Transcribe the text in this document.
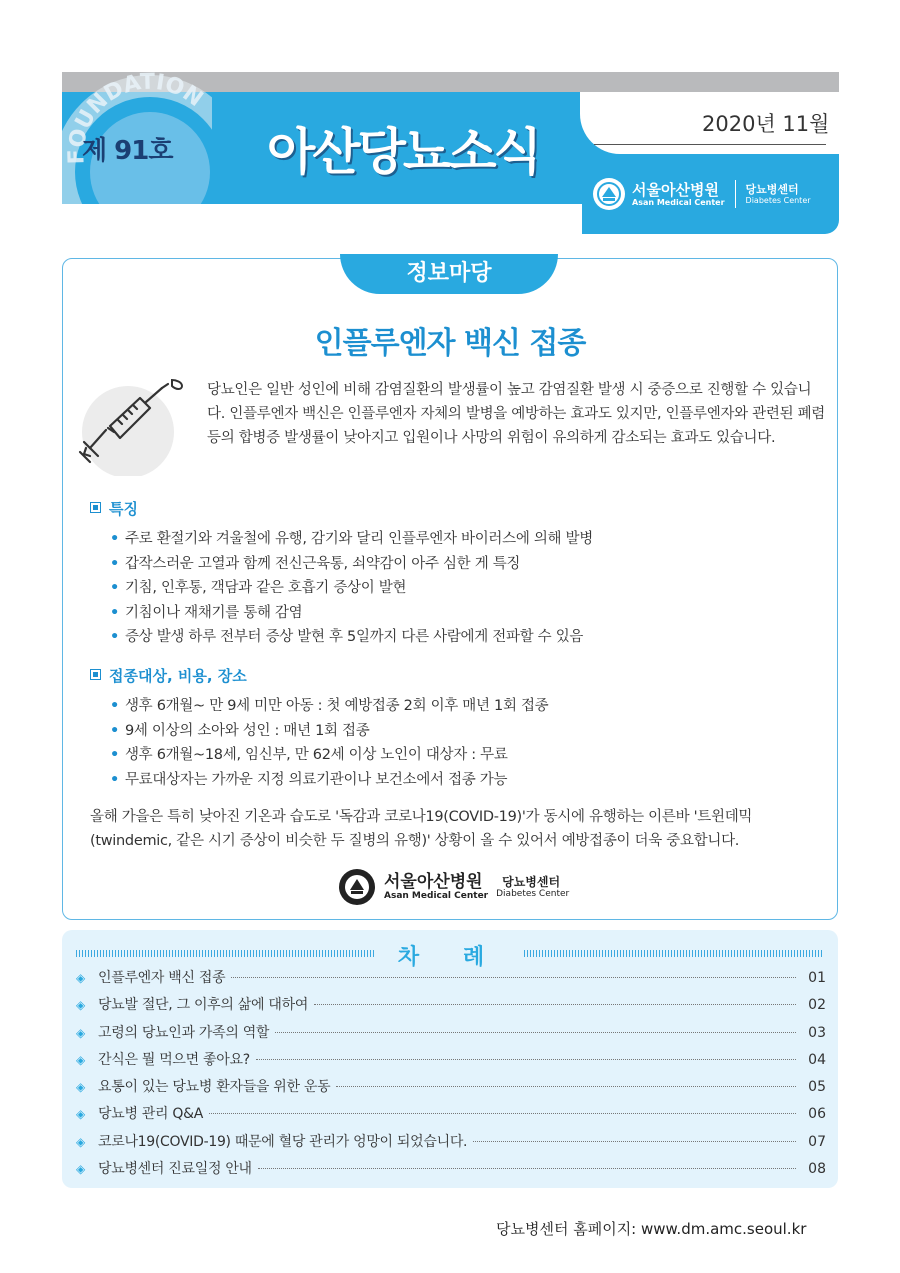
FOUNDATION
제 91호 아산당뇨소식	2020년 11월
서울아산병원
Asan Medical Center
당뇨병센터
Diabetes Center
정보마당
인플루엔자 백신 접종
당뇨인은 일반 성인에 비해 감염질환의 발생률이 높고 감염질환 발생 시 중증으로 진행할 수 있습니다. 인플루엔자 백신은 인플루엔자 자체의 발병을 예방하는 효과도 있지만, 인플루엔자와 관련된 폐렴 등의 합병증 발생률이 낮아지고 입원이나 사망의 위험이 유의하게 감소되는 효과도 있습니다.
특징
• 주로 환절기와 겨울철에 유행, 감기와 달리 인플루엔자 바이러스에 의해 발병
• 갑작스러운 고열과 함께 전신근육통, 쇠약감이 아주 심한 게 특징
• 기침, 인후통, 객담과 같은 호흡기 증상이 발현
• 기침이나 재채기를 통해 감염
• 증상 발생 하루 전부터 증상 발현 후 5일까지 다른 사람에게 전파할 수 있음
접종대상, 비용, 장소
• 생후 6개월~ 만 9세 미만 아동 : 첫 예방접종 2회 이후 매년 1회 접종
• 9세 이상의 소아와 성인 : 매년 1회 접종
• 생후 6개월~18세, 임신부, 만 62세 이상 노인이 대상자 : 무료
• 무료대상자는 가까운 지정 의료기관이나 보건소에서 접종 가능
올해 가을은 특히 낮아진 기온과 습도로 '독감과 코로나19(COVID-19)'가 동시에 유행하는 이른바 '트윈데믹(twindemic, 같은 시기 증상이 비슷한 두 질병의 유행)' 상황이 올 수 있어서 예방접종이 더욱 중요합니다.
서울아산병원
Asan Medical Center
당뇨병센터
Diabetes Center
차 례
◈ 인플루엔자 백신 접종	01
◈ 당뇨발 절단, 그 이후의 삶에 대하여	02
◈ 고령의 당뇨인과 가족의 역할	03
◈ 간식은 뭘 먹으면 좋아요?	04
◈ 요통이 있는 당뇨병 환자들을 위한 운동	05
◈ 당뇨병 관리 Q&A	06
◈ 코로나19(COVID-19) 때문에 혈당 관리가 엉망이 되었습니다.	07
◈ 당뇨병센터 진료일정 안내	08
당뇨병센터 홈페이지: www.dm.amc.seoul.kr
